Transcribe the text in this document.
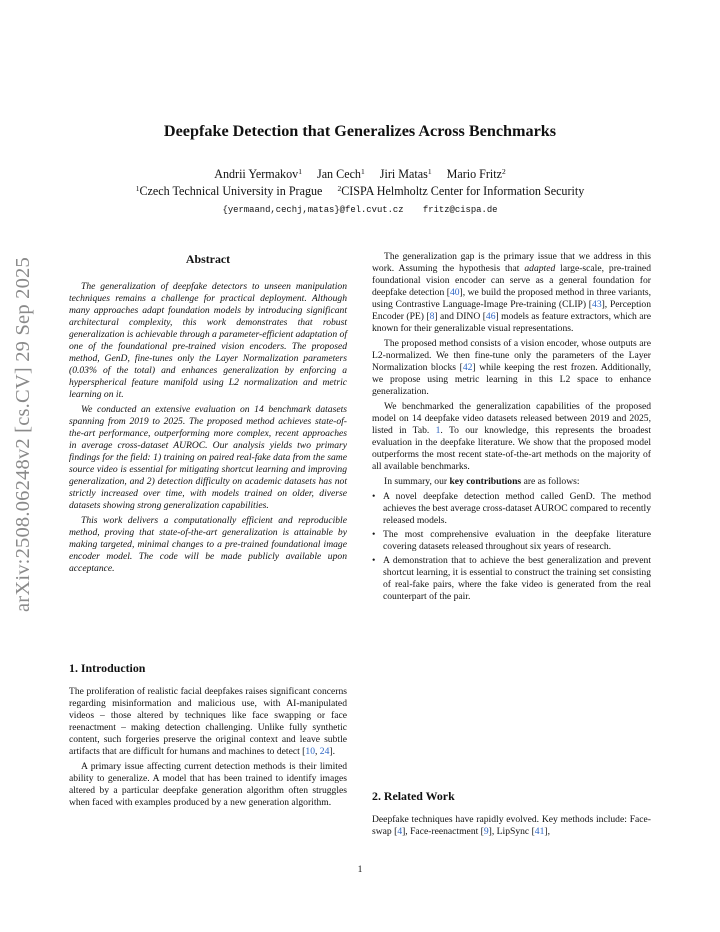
arXiv:2508.06248v2 [cs.CV] 29 Sep 2025
Deepfake Detection that Generalizes Across Benchmarks
Andrii Yermakov$^1$ Jan Cech$^1$ Jiri Matas$^1$ Mario Fritz$^2$
$^1$Czech Technical University in Prague $^2$CISPA Helmholtz Center for Information Security
{yermaand,cechj,matas}@fel.cvut.cz fritz@cispa.de
Abstract

The generalization of deepfake detectors to unseen manipulation techniques remains a challenge for practical deployment. Although many approaches adapt foundation models by introducing significant architectural complexity, this work demonstrates that robust generalization is achievable through a parameter-efficient adaptation of one of the foundational pre-trained vision encoders. The proposed method, GenD, fine-tunes only the Layer Normalization parameters (0.03% of the total) and enhances generalization by enforcing a hyperspherical feature manifold using L2 normalization and metric learning on it.

We conducted an extensive evaluation on 14 benchmark datasets spanning from 2019 to 2025. The proposed method achieves state-of-the-art performance, outperforming more complex, recent approaches in average cross-dataset AUROC. Our analysis yields two primary findings for the field: 1) training on paired real-fake data from the same source video is essential for mitigating shortcut learning and improving generalization, and 2) detection difficulty on academic datasets has not strictly increased over time, with models trained on older, diverse datasets showing strong generalization capabilities.

This work delivers a computationally efficient and reproducible method, proving that state-of-the-art generalization is attainable by making targeted, minimal changes to a pre-trained foundational image encoder model. The code will be made publicly available upon acceptance.

1. Introduction

The proliferation of realistic facial deepfakes raises significant concerns regarding misinformation and malicious use, with AI-manipulated videos – those altered by techniques like face swapping or face reenactment – making detection challenging. Unlike fully synthetic content, such forgeries preserve the original context and leave subtle artifacts that are difficult for humans and machines to detect [10, 24].

A primary issue affecting current detection methods is their limited ability to generalize. A model that has been trained to identify images altered by a particular deepfake generation algorithm often struggles when faced with examples produced by a new generation algorithm.

The generalization gap is the primary issue that we address in this work. Assuming the hypothesis that adapted large-scale, pre-trained foundational vision encoder can serve as a general foundation for deepfake detection [40], we build the proposed method in three variants, using Contrastive Language-Image Pre-training (CLIP) [43], Perception Encoder (PE) [8] and DINO [46] models as feature extractors, which are known for their generalizable visual representations.

The proposed method consists of a vision encoder, whose outputs are L2-normalized. We then fine-tune only the parameters of the Layer Normalization blocks [42] while keeping the rest frozen. Additionally, we propose using metric learning in this L2 space to enhance generalization.

We benchmarked the generalization capabilities of the proposed model on 14 deepfake video datasets released between 2019 and 2025, listed in Tab. 1. To our knowledge, this represents the broadest evaluation in the deepfake literature. We show that the proposed model outperforms the most recent state-of-the-art methods on the majority of all available benchmarks.

In summary, our key contributions are as follows:

• A novel deepfake detection method called GenD. The method achieves the best average cross-dataset AUROC compared to recently released models.
• The most comprehensive evaluation in the deepfake literature covering datasets released throughout six years of research.
• A demonstration that to achieve the best generalization and prevent shortcut learning, it is essential to construct the training set consisting of real-fake pairs, where the fake video is generated from the real counterpart of the pair.
2. Related Work

Deepfake techniques have rapidly evolved. Key methods include: Face-swap [4], Face-reenactment [9], LipSync [41],

1
